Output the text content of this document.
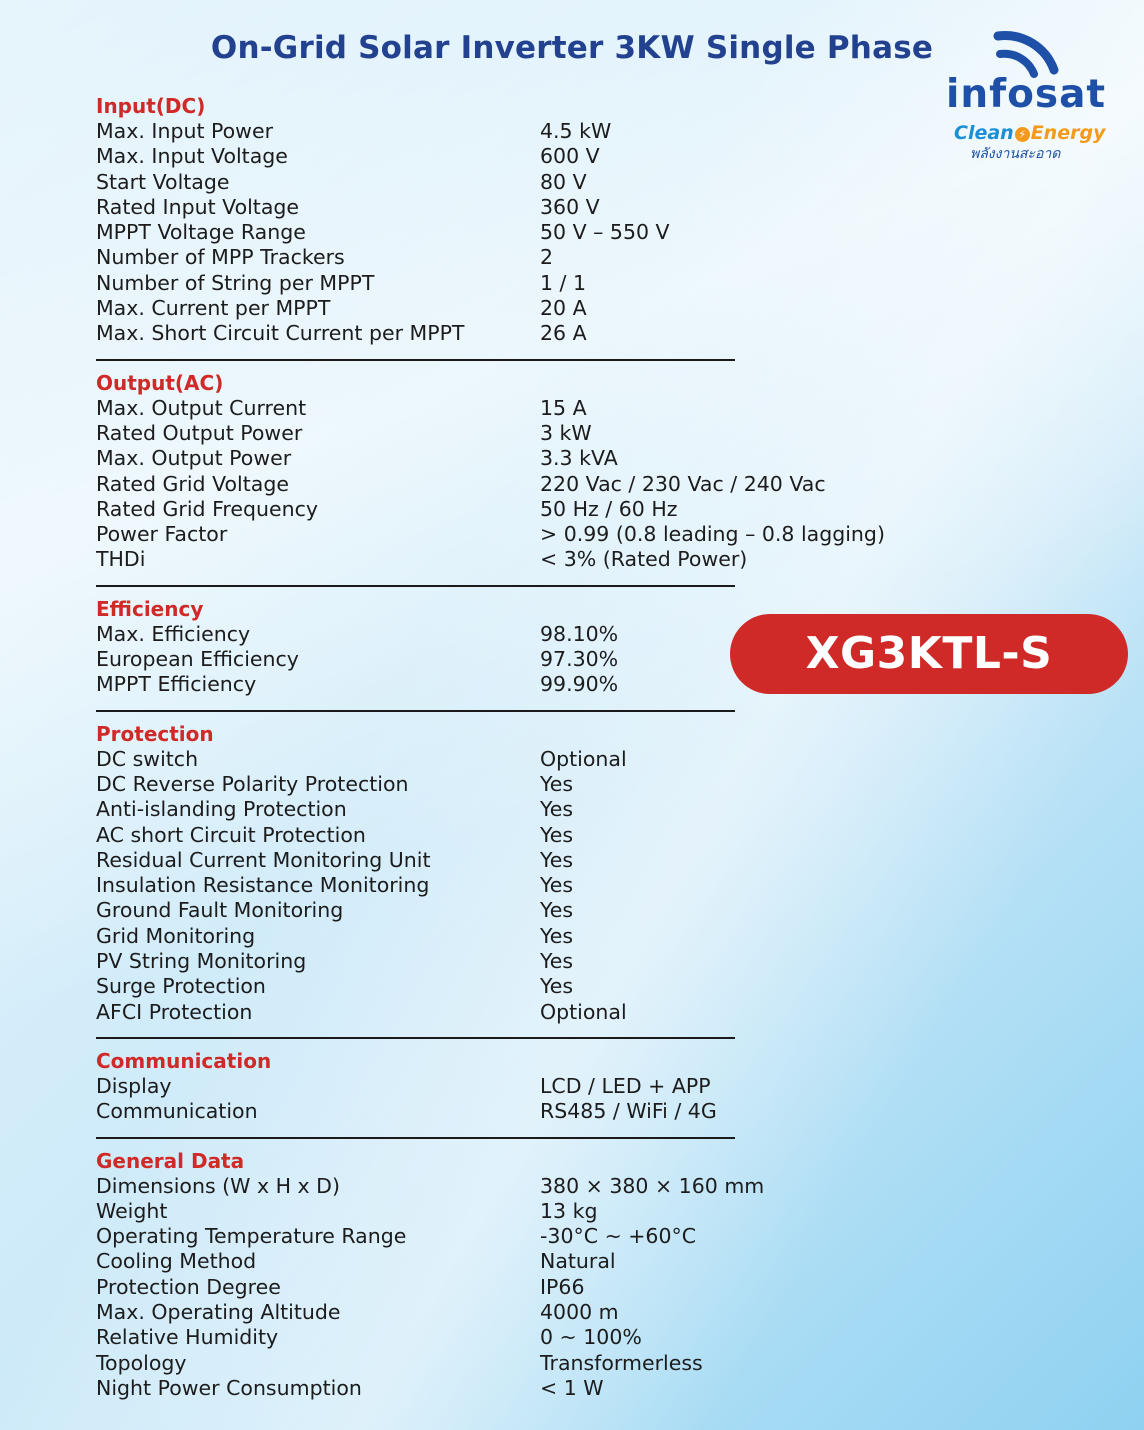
On-Grid Solar Inverter 3KW Single Phase
infosat
Clean ⚡ Energy
พลังงานสะอาด
Input(DC)
Max. Input Power	4.5 kW
Max. Input Voltage	600 V
Start Voltage	80 V
Rated Input Voltage	360 V
MPPT Voltage Range	50 V – 550 V
Number of MPP Trackers	2
Number of String per MPPT	1 / 1
Max. Current per MPPT	20 A
Max. Short Circuit Current per MPPT	26 A
Output(AC)
Max. Output Current	15 A
Rated Output Power	3 kW
Max. Output Power	3.3 kVA
Rated Grid Voltage	220 Vac / 230 Vac / 240 Vac
Rated Grid Frequency	50 Hz / 60 Hz
Power Factor	> 0.99 (0.8 leading – 0.8 lagging)
THDi	< 3% (Rated Power)
Efficiency
Max. Efficiency	98.10%
European Efficiency	97.30%
MPPT Efficiency	99.90%
Protection
DC switch	Optional
DC Reverse Polarity Protection	Yes
Anti-islanding Protection	Yes
AC short Circuit Protection	Yes
Residual Current Monitoring Unit	Yes
Insulation Resistance Monitoring	Yes
Ground Fault Monitoring	Yes
Grid Monitoring	Yes
PV String Monitoring	Yes
Surge Protection	Yes
AFCI Protection	Optional
Communication
Display	LCD / LED + APP
Communication	RS485 / WiFi / 4G
General Data
Dimensions (W x H x D)	380 × 380 × 160 mm
Weight	13 kg
Operating Temperature Range	-30°C ~ +60°C
Cooling Method	Natural
Protection Degree	IP66
Max. Operating Altitude	4000 m
Relative Humidity	0 ~ 100%
Topology	Transformerless
Night Power Consumption	< 1 W
XG3KTL-S
